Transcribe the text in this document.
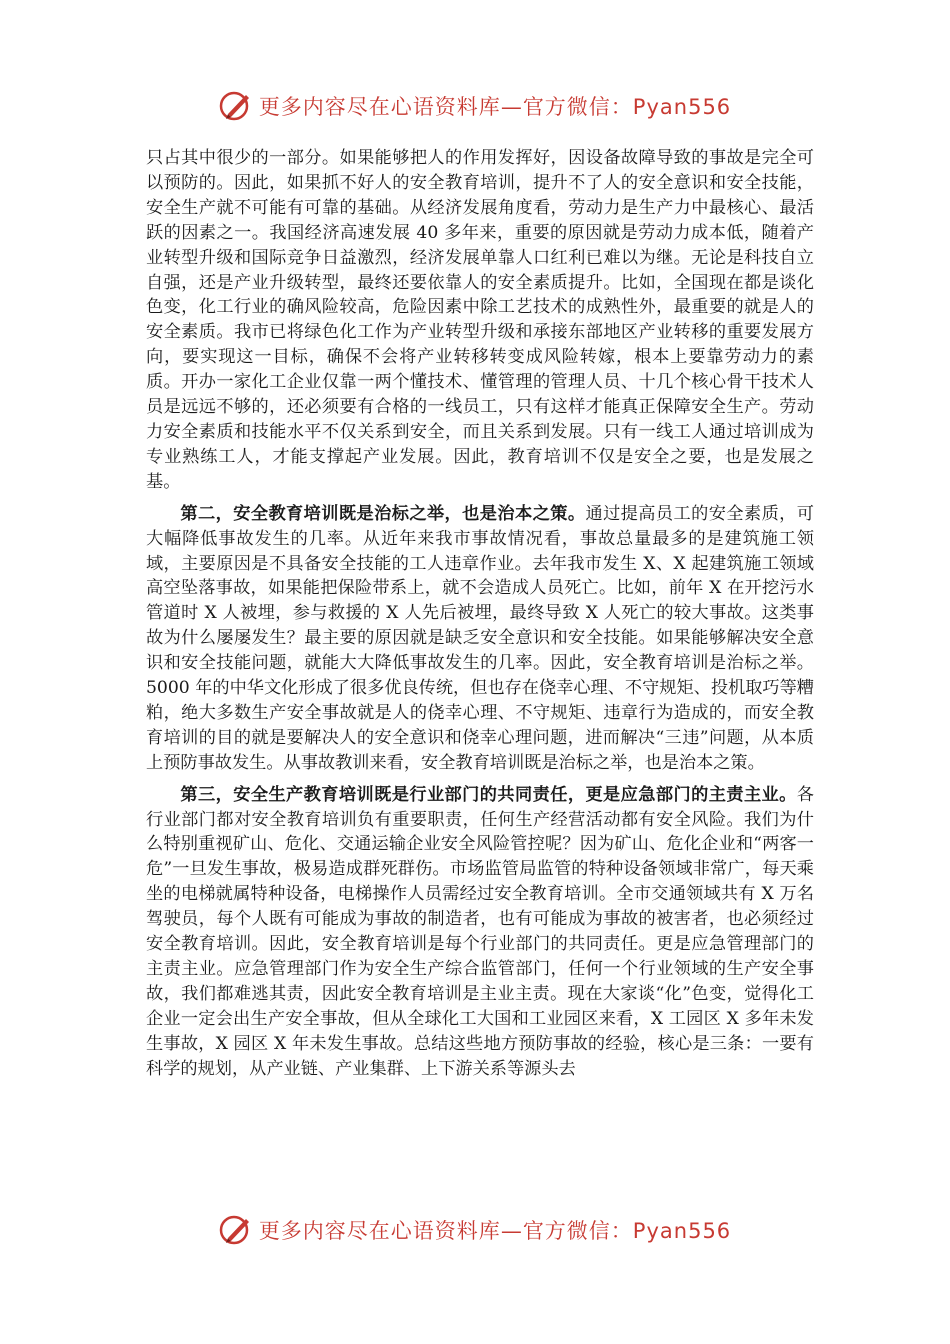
更多内容尽在心语资料库—官方微信：Pyan556

只占其中很少的一部分。如果能够把人的作用发挥好，因设备故障导致的事故是完全可以预防的。因此，如果抓不好人的安全教育培训，提升不了人的安全意识和安全技能，安全生产就不可能有可靠的基础。从经济发展角度看，劳动力是生产力中最核心、最活跃的因素之一。我国经济高速发展 40 多年来，重要的原因就是劳动力成本低，随着产业转型升级和国际竞争日益激烈，经济发展单靠人口红利已难以为继。无论是科技自立自强，还是产业升级转型，最终还要依靠人的安全素质提升。比如，全国现在都是谈化色变，化工行业的确风险较高，危险因素中除工艺技术的成熟性外，最重要的就是人的安全素质。我市已将绿色化工作为产业转型升级和承接东部地区产业转移的重要发展方向，要实现这一目标，确保不会将产业转移转变成风险转嫁，根本上要靠劳动力的素质。开办一家化工企业仅靠一两个懂技术、懂管理的管理人员、十几个核心骨干技术人员是远远不够的，还必须要有合格的一线员工，只有这样才能真正保障安全生产。劳动力安全素质和技能水平不仅关系到安全，而且关系到发展。只有一线工人通过培训成为专业熟练工人，才能支撑起产业发展。因此，教育培训不仅是安全之要，也是发展之基。

第二，安全教育培训既是治标之举，也是治本之策。通过提高员工的安全素质，可大幅降低事故发生的几率。从近年来我市事故情况看，事故总量最多的是建筑施工领域，主要原因是不具备安全技能的工人违章作业。去年我市发生 X、X 起建筑施工领域高空坠落事故，如果能把保险带系上，就不会造成人员死亡。比如，前年 X 在开挖污水管道时 X 人被埋，参与救援的 X 人先后被埋，最终导致 X 人死亡的较大事故。这类事故为什么屡屡发生？最主要的原因就是缺乏安全意识和安全技能。如果能够解决安全意识和安全技能问题，就能大大降低事故发生的几率。因此，安全教育培训是治标之举。5000 年的中华文化形成了很多优良传统，但也存在侥幸心理、不守规矩、投机取巧等糟粕，绝大多数生产安全事故就是人的侥幸心理、不守规矩、违章行为造成的，而安全教育培训的目的就是要解决人的安全意识和侥幸心理问题，进而解决“三违”问题，从本质上预防事故发生。从事故教训来看，安全教育培训既是治标之举，也是治本之策。

第三，安全生产教育培训既是行业部门的共同责任，更是应急部门的主责主业。各行业部门都对安全教育培训负有重要职责，任何生产经营活动都有安全风险。我们为什么特别重视矿山、危化、交通运输企业安全风险管控呢？因为矿山、危化企业和“两客一危”一旦发生事故，极易造成群死群伤。市场监管局监管的特种设备领域非常广，每天乘坐的电梯就属特种设备，电梯操作人员需经过安全教育培训。全市交通领域共有 X 万名驾驶员，每个人既有可能成为事故的制造者，也有可能成为事故的被害者，也必须经过安全教育培训。因此，安全教育培训是每个行业部门的共同责任。更是应急管理部门的主责主业。应急管理部门作为安全生产综合监管部门，任何一个行业领域的生产安全事故，我们都难逃其责，因此安全教育培训是主业主责。现在大家谈“化”色变，觉得化工企业一定会出生产安全事故，但从全球化工大国和工业园区来看，X 工园区 X 多年未发生事故，X 园区 X 年未发生事故。总结这些地方预防事故的经验，核心是三条：一要有科学的规划，从产业链、产业集群、上下游关系等源头去

更多内容尽在心语资料库—官方微信：Pyan556
